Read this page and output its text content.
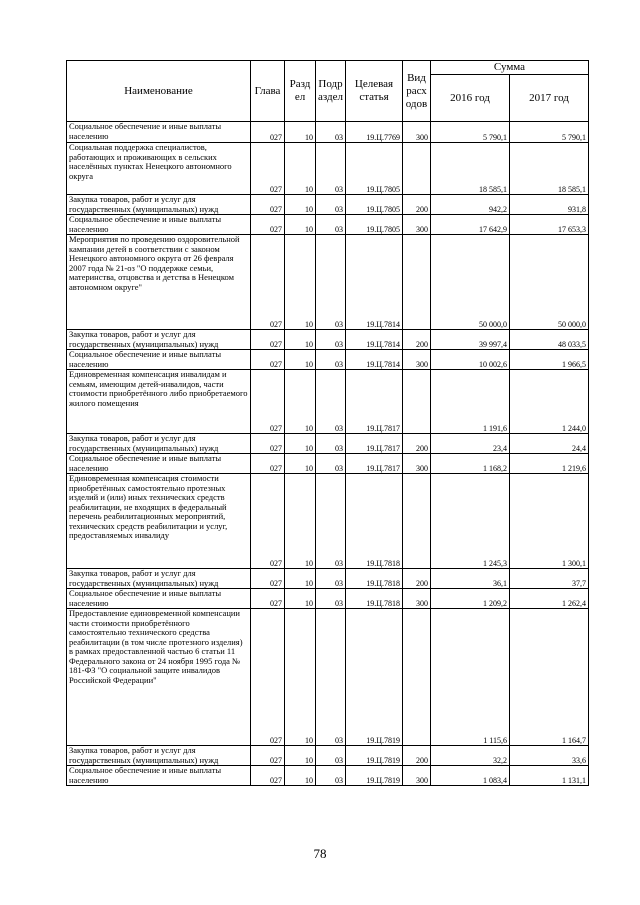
Наименование	Глава	Разд ел	Подр аздел	Целевая статья	Вид расх одов	Сумма	
						2016 год	2017 год
Социальное обеспечение и иные выплаты населению	027	10	03	19.Ц.7769	300	5 790,1	5 790,1
Социальная поддержка специалистов, работающих и проживающих в сельских населённых пунктах Ненецкого автономного округа	027	10	03	19.Ц.7805		18 585,1	18 585,1
Закупка товаров, работ и услуг для государственных (муниципальных) нужд	027	10	03	19.Ц.7805	200	942,2	931,8
Социальное обеспечение и иные выплаты населению	027	10	03	19.Ц.7805	300	17 642,9	17 653,3
Мероприятия по проведению оздоровительной кампании детей в соответствии с законом Ненецкого автономного округа от 26 февраля 2007 года № 21-оз "О поддержке семьи, материнства, отцовства и детства в Ненецком автономном округе"	027	10	03	19.Ц.7814		50 000,0	50 000,0
Закупка товаров, работ и услуг для государственных (муниципальных) нужд	027	10	03	19.Ц.7814	200	39 997,4	48 033,5
Социальное обеспечение и иные выплаты населению	027	10	03	19.Ц.7814	300	10 002,6	1 966,5
Единовременная компенсация инвалидам и семьям, имеющим детей-инвалидов, части стоимости приобретённого либо приобретаемого жилого помещения	027	10	03	19.Ц.7817		1 191,6	1 244,0
Закупка товаров, работ и услуг для государственных (муниципальных) нужд	027	10	03	19.Ц.7817	200	23,4	24,4
Социальное обеспечение и иные выплаты населению	027	10	03	19.Ц.7817	300	1 168,2	1 219,6
Единовременная компенсация стоимости приобретённых самостоятельно протезных изделий и (или) иных технических средств реабилитации, не входящих в федеральный перечень реабилитационных мероприятий, технических средств реабилитации и услуг, предоставляемых инвалиду	027	10	03	19.Ц.7818		1 245,3	1 300,1
Закупка товаров, работ и услуг для государственных (муниципальных) нужд	027	10	03	19.Ц.7818	200	36,1	37,7
Социальное обеспечение и иные выплаты населению	027	10	03	19.Ц.7818	300	1 209,2	1 262,4
Предоставление единовременной компенсации части стоимости приобретённого самостоятельно технического средства реабилитации (в том числе протезного изделия) в рамках предоставленной частью 6 статьи 11 Федерального закона от 24 ноября 1995 года № 181-ФЗ "О социальной защите инвалидов Российской Федерации"	027	10	03	19.Ц.7819		1 115,6	1 164,7
Закупка товаров, работ и услуг для государственных (муниципальных) нужд	027	10	03	19.Ц.7819	200	32,2	33,6
Социальное обеспечение и иные выплаты населению	027	10	03	19.Ц.7819	300	1 083,4	1 131,1
78
